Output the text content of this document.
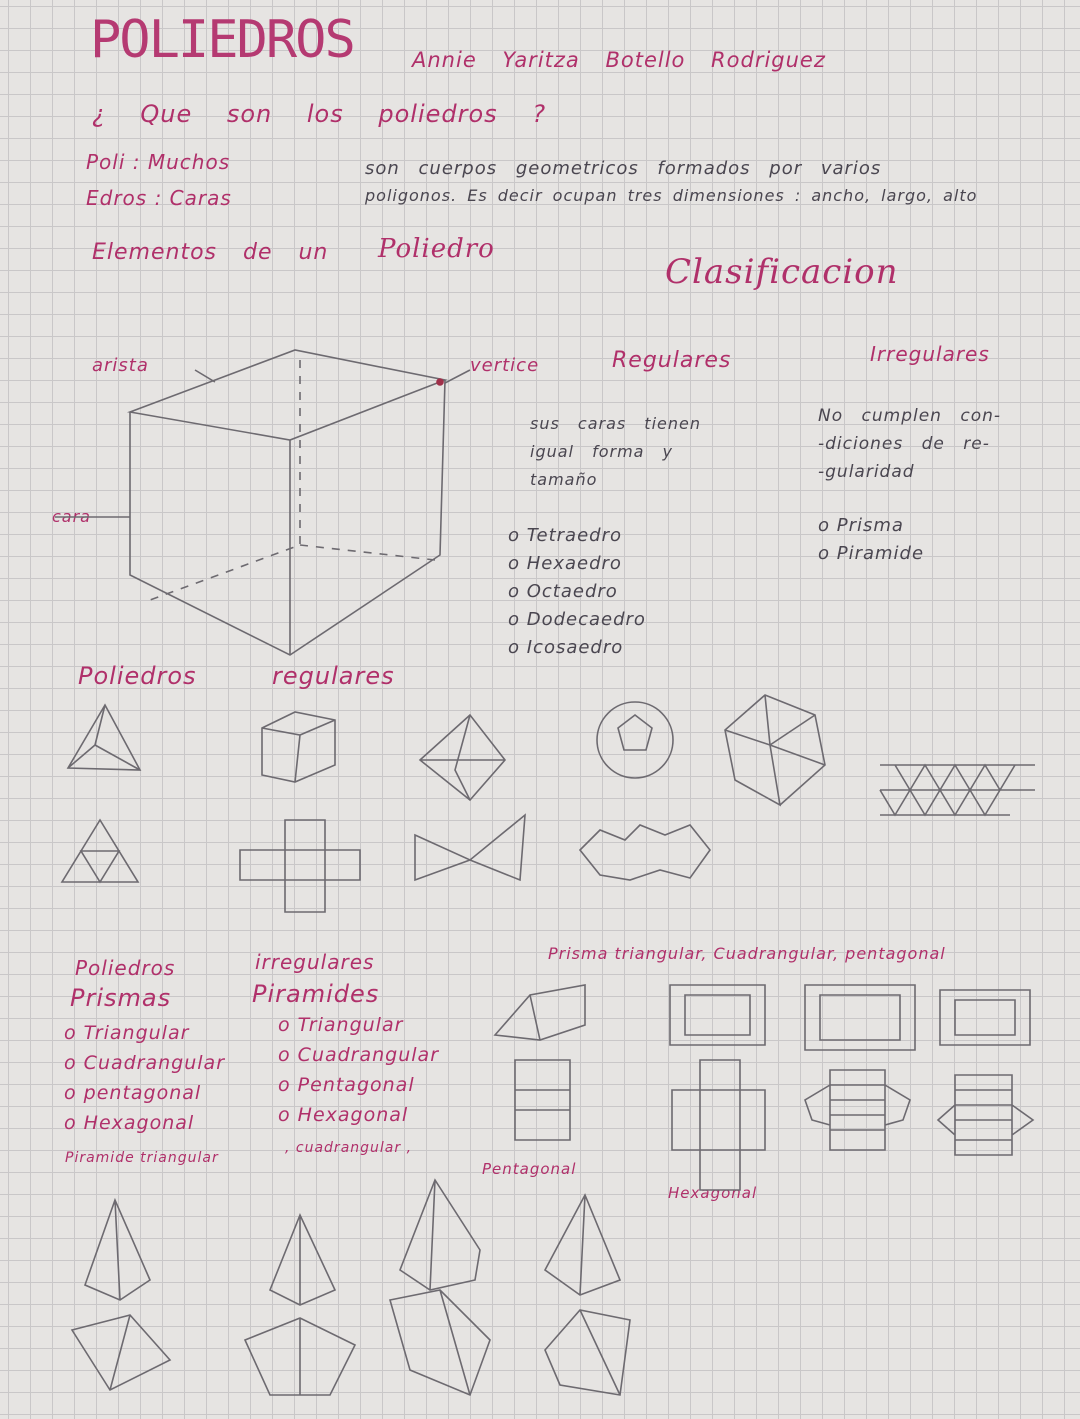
POLIEDROS	Annie Yaritza Botello Rodriguez
¿ Que son los poliedros ?
Poli : Muchos
Edros : Caras
son cuerpos geometricos formados por varios
poligonos. Es decir ocupan tres dimensiones : ancho, largo, alto
Elementos de un Poliedro
Clasificacion
arista	vertice
cara
Regulares	Irregulares
sus caras tienen
igual forma y
tamaño
No cumplen con-
-diciones de re-
-gularidad
o Tetraedro
o Hexaedro
o Octaedro
o Dodecaedro
o Icosaedro
o Prisma
o Piramide
Poliedros	regulares
Poliedros	irregulares
Prismas	Piramides
o Triangular
o Cuadrangular
o pentagonal
o Hexagonal
o Triangular
o Cuadrangular
o Pentagonal
o Hexagonal
Piramide triangular
, cuadrangular ,
Prisma triangular, Cuadrangular, pentagonal
Pentagonal
Hexagonal
